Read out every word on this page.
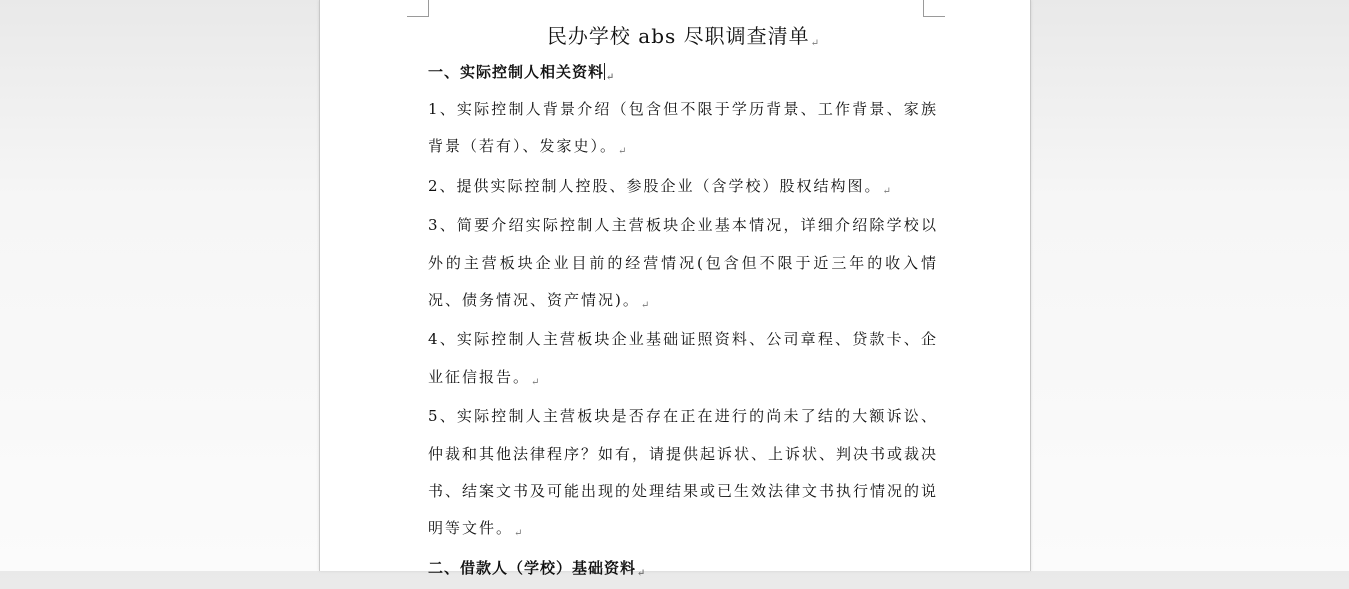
民办学校 abs 尽职调查清单↵
一、实际控制人相关资料 $_↵$
1、实际控制人背景介绍（包含但不限于学历背景、工作背景、家族背景（若有）、发家史）。$_↵$
2、提供实际控制人控股、参股企业（含学校）股权结构图。$_↵$
3、简要介绍实际控制人主营板块企业基本情况，详细介绍除学校以外的主营板块企业目前的经营情况(包含但不限于近三年的收入情况、债务情况、资产情况)。$_↵$
4、实际控制人主营板块企业基础证照资料、公司章程、贷款卡、企业征信报告。$_↵$
5、实际控制人主营板块是否存在正在进行的尚未了结的大额诉讼、仲裁和其他法律程序？如有，请提供起诉状、上诉状、判决书或裁决书、结案文书及可能出现的处理结果或已生效法律文书执行情况的说明等文件。$_↵$
二、借款人（学校）基础资料$_↵$
